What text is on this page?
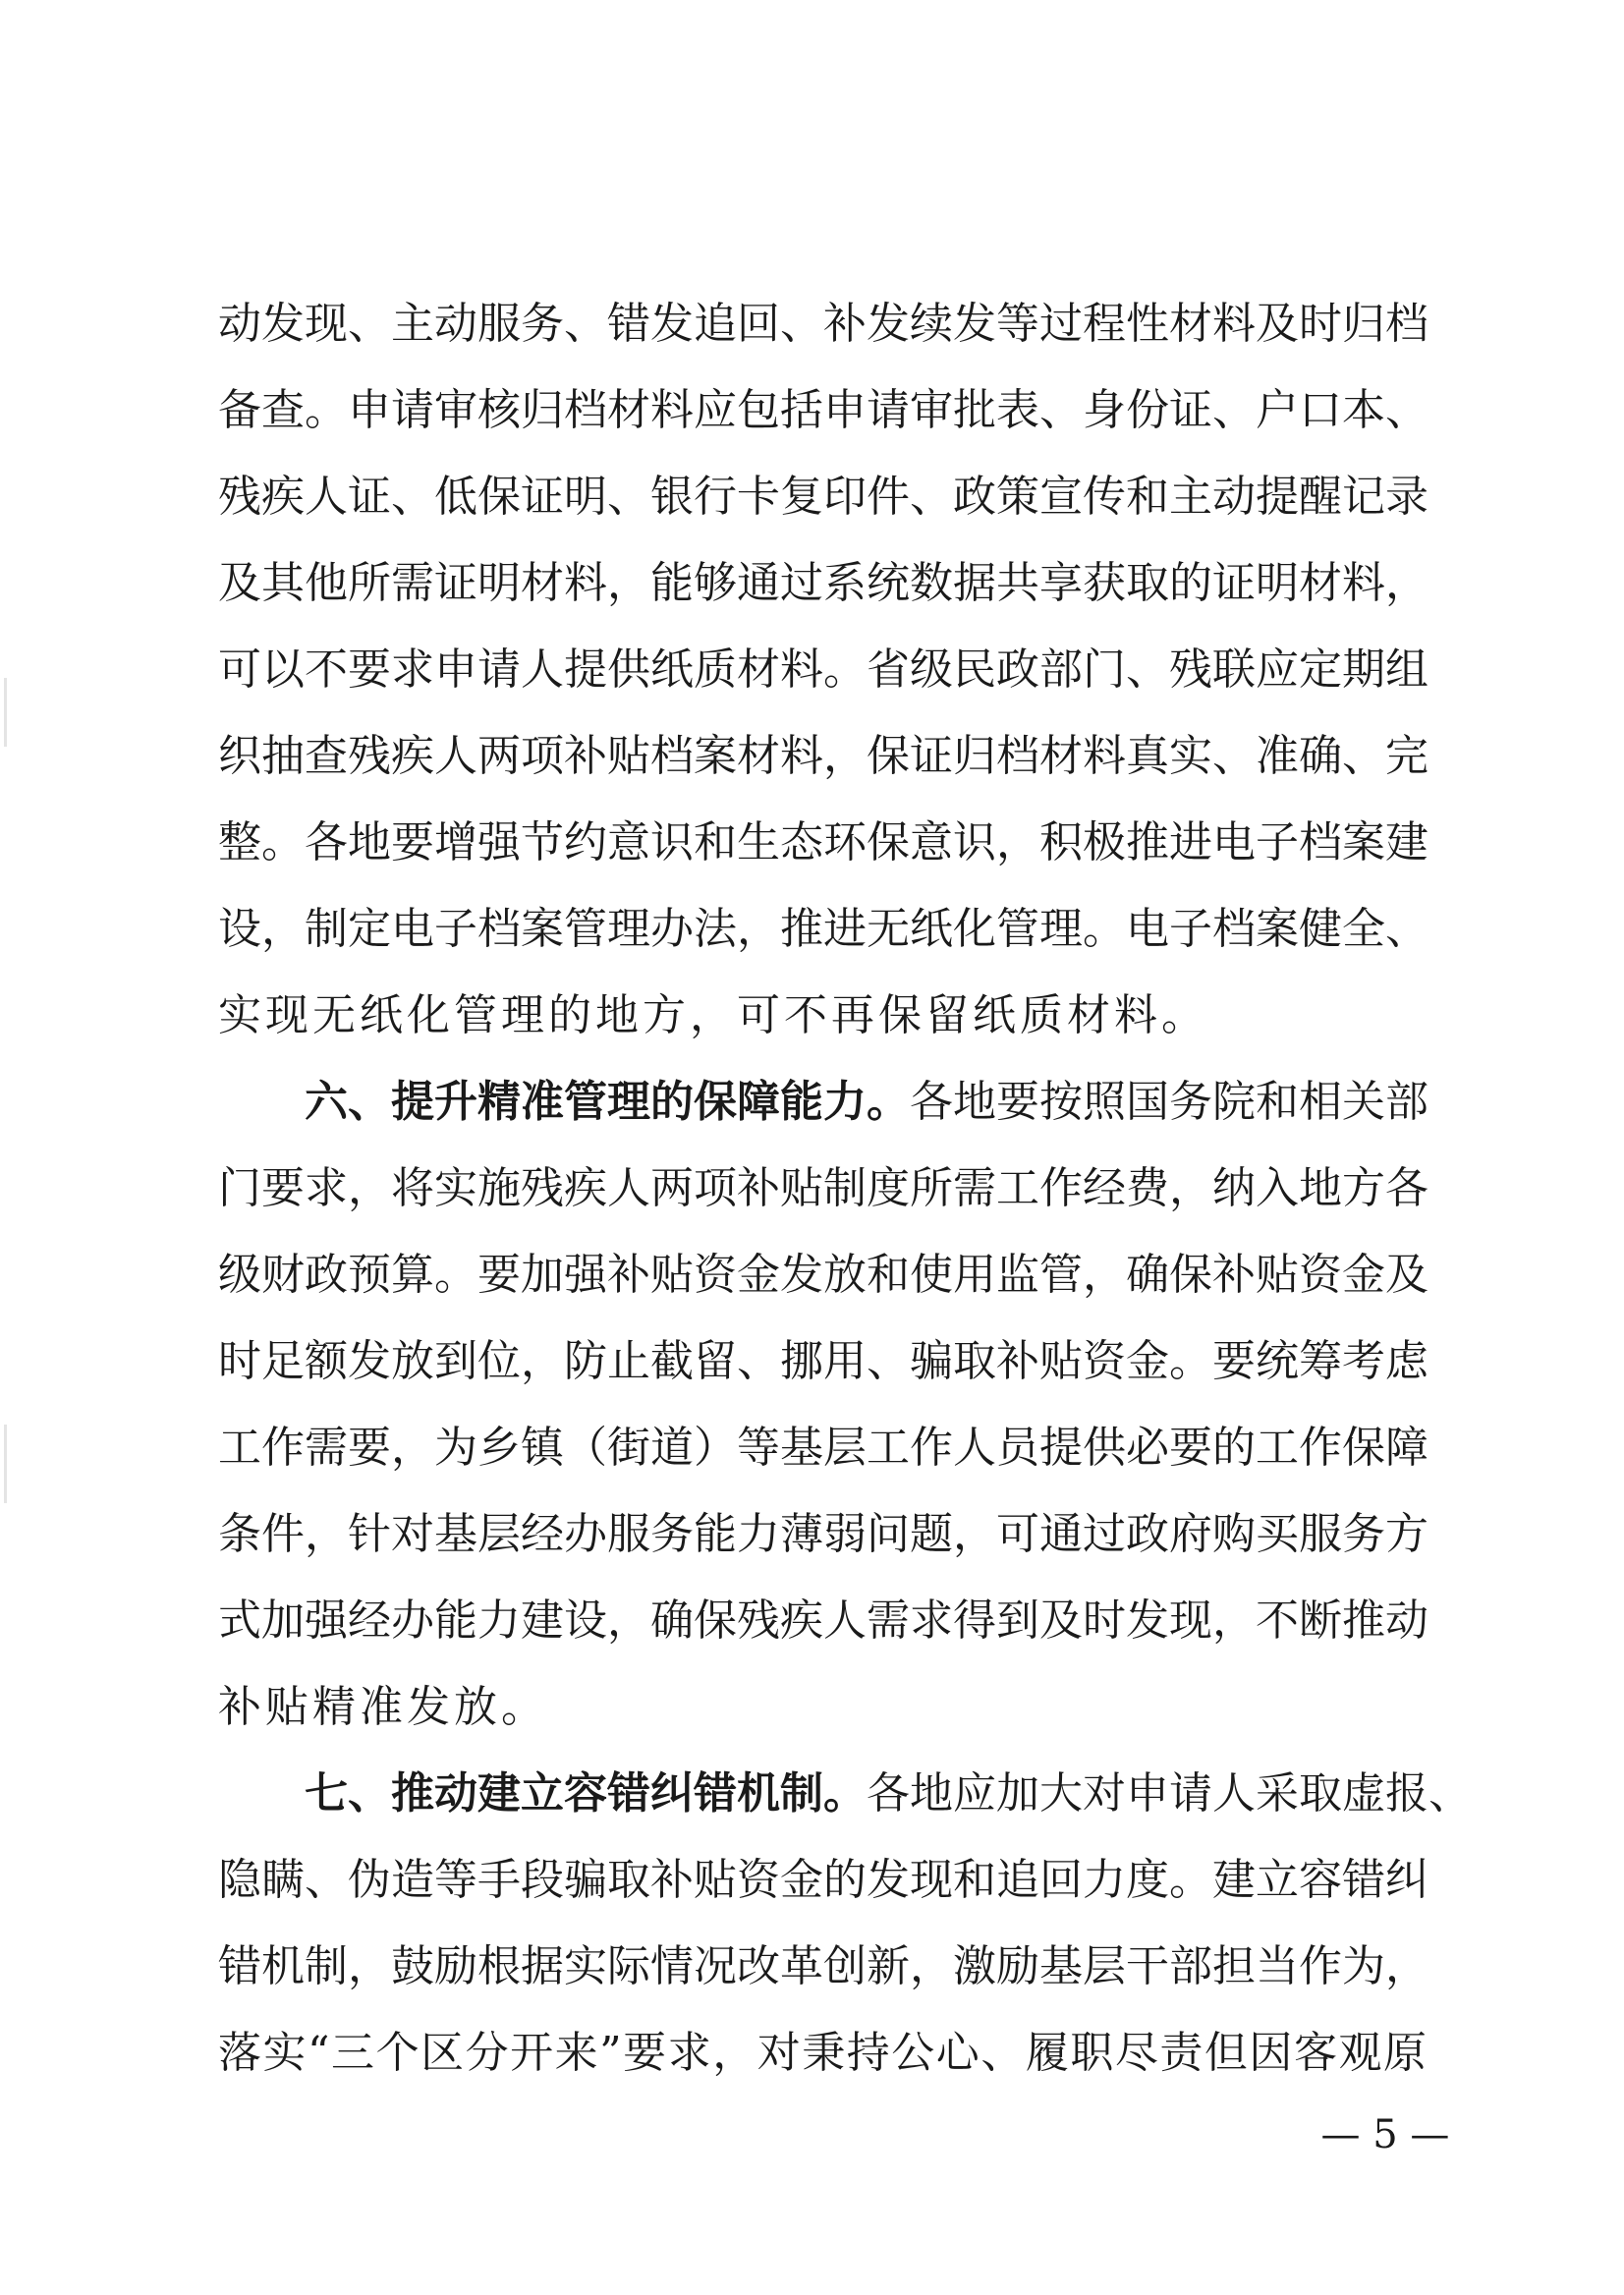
动发现、主动服务、错发追回、补发续发等过程性材料及时归档
备查。申请审核归档材料应包括申请审批表、身份证、户口本、
残疾人证、低保证明、银行卡复印件、政策宣传和主动提醒记录
及其他所需证明材料，能够通过系统数据共享获取的证明材料，
可以不要求申请人提供纸质材料。省级民政部门、残联应定期组
织抽查残疾人两项补贴档案材料，保证归档材料真实、准确、完
整。各地要增强节约意识和生态环保意识，积极推进电子档案建
设，制定电子档案管理办法，推进无纸化管理。电子档案健全、
实现无纸化管理的地方，可不再保留纸质材料。
六、提升精准管理的保障能力。各地要按照国务院和相关部
门要求，将实施残疾人两项补贴制度所需工作经费，纳入地方各
级财政预算。要加强补贴资金发放和使用监管，确保补贴资金及
时足额发放到位，防止截留、挪用、骗取补贴资金。要统筹考虑
工作需要，为乡镇（街道）等基层工作人员提供必要的工作保障
条件，针对基层经办服务能力薄弱问题，可通过政府购买服务方
式加强经办能力建设，确保残疾人需求得到及时发现，不断推动
补贴精准发放。
七、推动建立容错纠错机制。各地应加大对申请人采取虚报、
隐瞒、伪造等手段骗取补贴资金的发现和追回力度。建立容错纠
错机制，鼓励根据实际情况改革创新，激励基层干部担当作为，
落实“三个区分开来”要求，对秉持公心、履职尽责但因客观原
— 5 —
